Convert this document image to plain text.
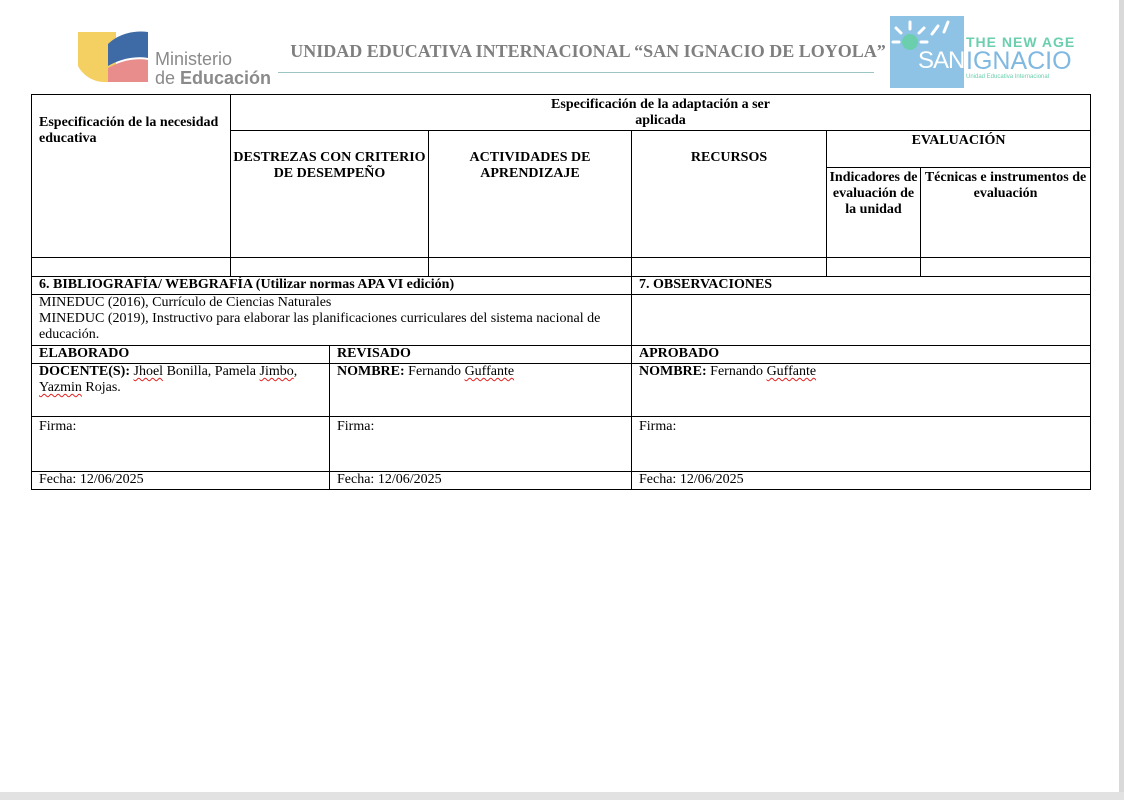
Ministerio
de Educación
UNIDAD EDUCATIVA INTERNACIONAL “SAN IGNACIO DE LOYOLA”	SAN
THE NEW AGE
IGNACIO
Unidad Educativa Internacional
Especificación de la necesidad educativa	Especificación de la adaptación a ser
aplicada					
	DESTREZAS CON CRITERIO DE DESEMPEÑO		ACTIVIDADES DE APRENDIZAJE	RECURSOS	EVALUACIÓN	
					Indicadores de evaluación de la unidad	Técnicas e instrumentos de evaluación

6. BIBLIOGRAFÍA/ WEBGRAFÍA (Utilizar normas APA VI edición)				7. OBSERVACIONES		

MINEDUC (2016), Currículo de Ciencias Naturales
MINEDUC (2019), Instructivo para elaborar las planificaciones curriculares del sistema nacional de educación.						

ELABORADO		REVISADO		APROBADO		
DOCENTE(S): Jhoel Bonilla, Pamela Jimbo, Yazmin Rojas.		NOMBRE: Fernando Guffante		NOMBRE: Fernando Guffante		
Firma:		Firma:		Firma:		
Fecha: 12/06/2025		Fecha: 12/06/2025		Fecha: 12/06/2025		
